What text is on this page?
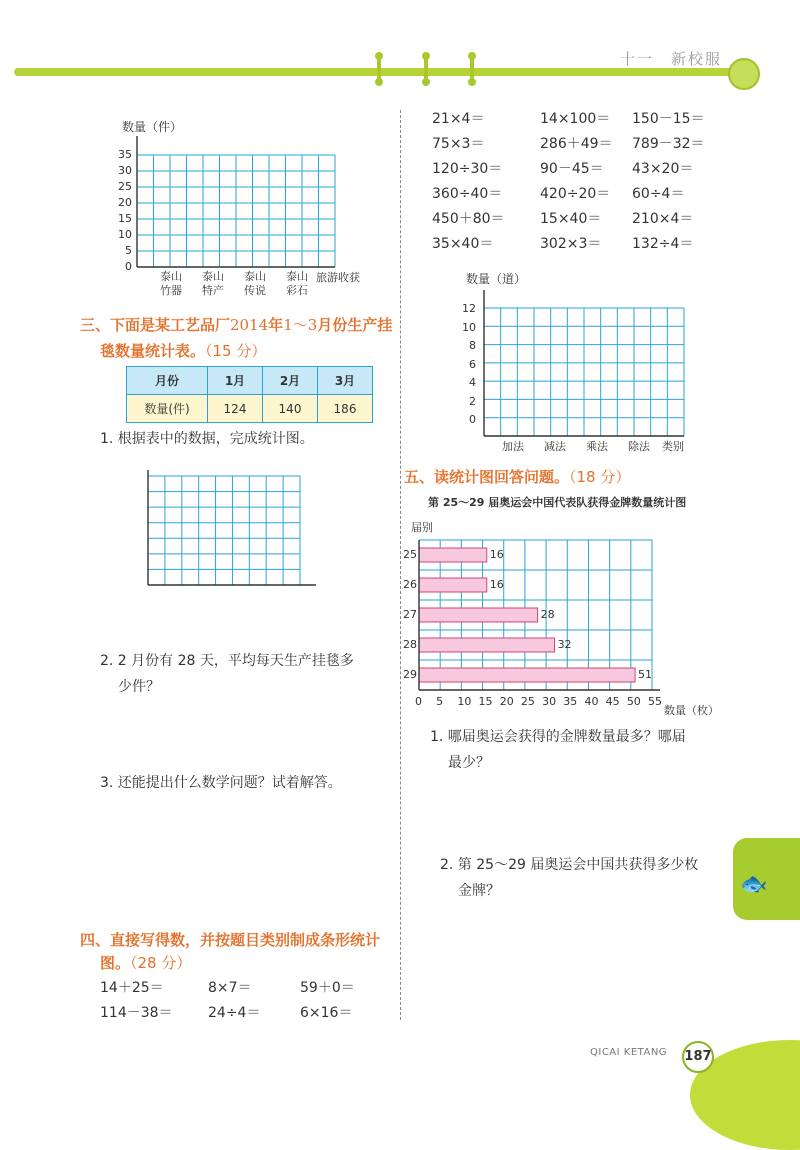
十一　新校服
数量（件）
35
30
25
20
15
10
5
0
泰山
竹器
泰山
特产
泰山
传说
泰山
彩石
旅游收获
三、下面是某工艺品厂2014年1～3月份生产挂
毯数量统计表。（15 分）
月份	1月	2月	3月
数量(件)	124	140	186
1. 根据表中的数据，完成统计图。
2. 2 月份有 28 天，平均每天生产挂毯多
少件？
3. 还能提出什么数学问题？试着解答。
四、直接写得数，并按题目类别制成条形统计
图。（28 分）
14＋25＝	8×7＝	59＋0＝
114－38＝	24÷4＝	6×16＝
21×4＝	14×100＝ 150－15＝
75×3＝	286＋49＝ 789－32＝
120÷30＝	90－45＝ 43×20＝
360÷40＝	420÷20＝ 60÷4＝
450＋80＝	15×40＝ 210×4＝
35×40＝	302×3＝ 132÷4＝
数量（道）
12
10
8
6
4
2
0
加法 减法 乘法 除法 类别
五、读统计图回答问题。（18 分）
第 25～29 届奥运会中国代表队获得金牌数量统计图
届别
16
25
16
26
28
27
32
28
51
29
0 5 10 15 20 25 30 35 40 45 50 55
数量（枚）
1. 哪届奥运会获得的金牌数量最多？哪届
最少？
2. 第 25～29 届奥运会中国共获得多少枚
金牌？	🐟
QICAI KETANG 187
